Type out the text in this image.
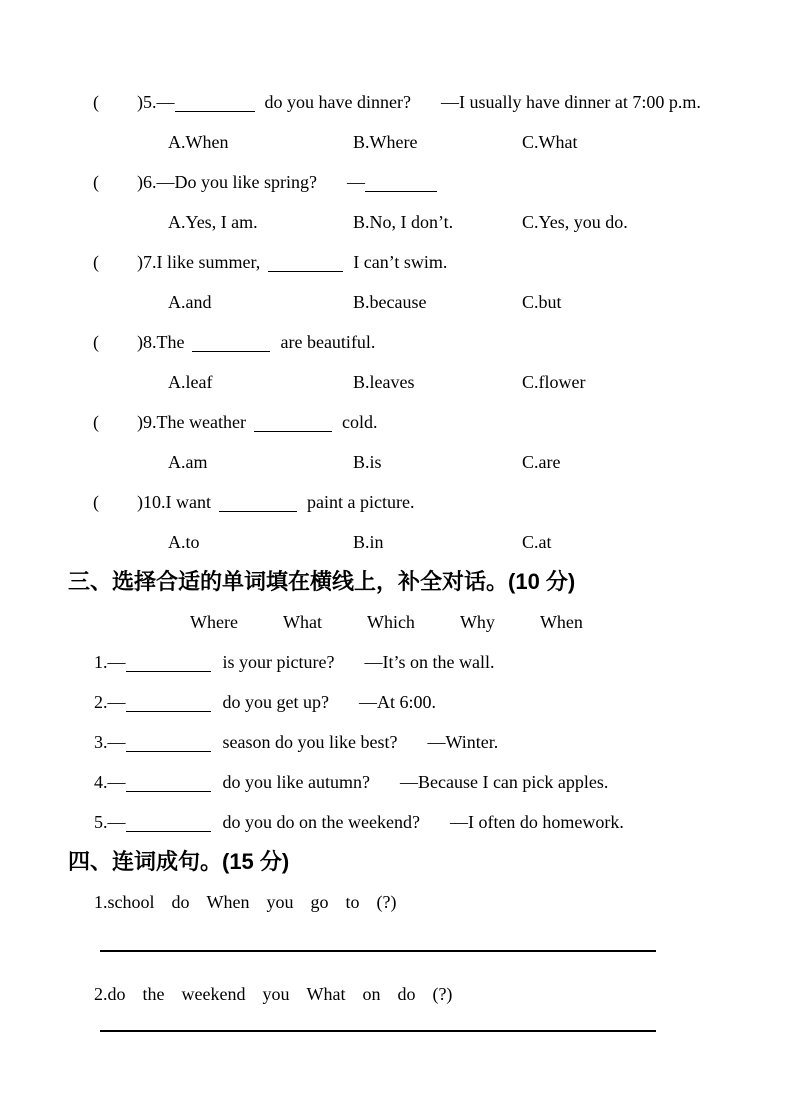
( )5.—	do you have dinner? —I usually have dinner at 7:00 p.m.
A.When	B.Where	C.What
( )6.—Do you like spring? —
A.Yes, I am.	B.No, I don’t.	C.Yes, you do.
( )7.I like summer,	I can’t swim.
A.and	B.because	C.but
( )8.The	are beautiful.
A.leaf	B.leaves	C.flower
( )9.The weather	cold.
A.am	B.is	C.are
( )10.I want	paint a picture.
A.to	B.in	C.at
三、选择合适的单词填在横线上，补全对话。(10 分)
Where	What	Which	Why	When
1.—	is your picture? —It’s on the wall.
2.—	do you get up? —At 6:00.
3.—	season do you like best? —Winter.
4.—	do you like autumn? —Because I can pick apples.
5.—	do you do on the weekend? —I often do homework.
四、连词成句。(15 分)
1.school do When you go to (?)
2.do the weekend you What on do (?)
